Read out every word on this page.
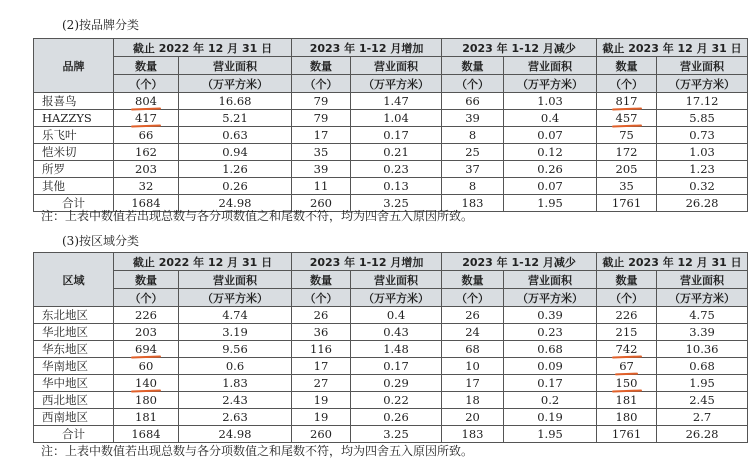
(2)按品牌分类
品牌	截止 2022 年 12 月 31 日		2023 年 1-12 月增加		2023 年 1-12 月减少		截止 2023 年 12 月 31 日	
	数量	营业面积	数量	营业面积	数量	营业面积	数量	营业面积
	（个）	（万平方米）	（个）	（万平方米）	（个）	（万平方米）	（个）	（万平方米）
报喜鸟	804	16.68	79	1.47	66	1.03	817	17.12
HAZZYS	417	5.21	79	1.04	39	0.4	457	5.85
乐飞叶	66	0.63	17	0.17	8	0.07	75	0.73
恺米切	162	0.94	35	0.21	25	0.12	172	1.03
所罗	203	1.26	39	0.23	37	0.26	205	1.23
其他	32	0.26	11	0.13	8	0.07	35	0.32
合计	1684	24.98	260	3.25	183	1.95	1761	26.28
注：上表中数值若出现总数与各分项数值之和尾数不符，均为四舍五入原因所致。
(3)按区域分类
区域	截止 2022 年 12 月 31 日		2023 年 1-12 月增加		2023 年 1-12 月减少		截止 2023 年 12 月 31 日	
	数量	营业面积	数量	营业面积	数量	营业面积	数量	营业面积
	（个）	（万平方米）	（个）	（万平方米）	（个）	（万平方米）	（个）	（万平方米）
东北地区	226	4.74	26	0.4	26	0.39	226	4.75
华北地区	203	3.19	36	0.43	24	0.23	215	3.39
华东地区	694	9.56	116	1.48	68	0.68	742	10.36
华南地区	60	0.6	17	0.17	10	0.09	67	0.68
华中地区	140	1.83	27	0.29	17	0.17	150	1.95
西北地区	180	2.43	19	0.22	18	0.2	181	2.45
西南地区	181	2.63	19	0.26	20	0.19	180	2.7
合计	1684	24.98	260	3.25	183	1.95	1761	26.28
注：上表中数值若出现总数与各分项数值之和尾数不符，均为四舍五入原因所致。
